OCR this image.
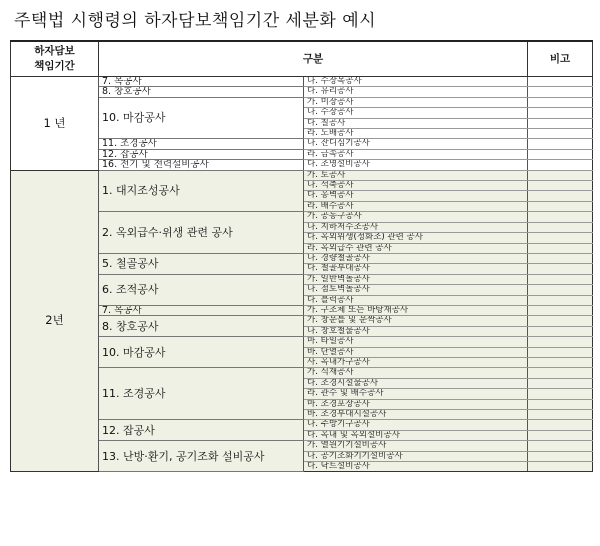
주택법 시행령의 하자담보책임기간 세분화 예시
하자담보
책임기간	구분		비고
1 년	7. 목공사	나. 수장목공사	
	8. 창호공사	다. 유리공사	
	10. 마감공사	가. 미장공사	
		나. 수장공사	
		다. 칠공사	
		라. 도배공사	
	11. 조경공사	나. 잔디심기공사	
	12. 잡공사	라. 금속공사	
	16. 전기 및 전력설비공사	다. 조명설비공사	
2년	1. 대지조성공사	가. 토공사	
		나. 석축공사	
		다. 옹벽공사	
		라. 배수공사	
	2. 옥외급수·위생 관련 공사	가. 공동구공사	
		나. 지하저수조공사	
		다. 옥외위생(정화조) 관련 공사	
		라. 옥외급수 관련 공사	
	5. 철골공사	나. 경량철골공사	
		다. 철골부대공사	
	6. 조적공사	가. 일반벽돌공사	
		나. 점토벽돌공사	
		다. 블럭공사	
	7. 목공사	가. 구조체 또는 바탕재공사	
	8. 창호공사	가. 창문틀 및 문짝공사	
		나. 창호철물공사	
	10. 마감공사	마. 타일공사	
		바. 단열공사	
		사. 옥내가구공사	
	11. 조경공사	가. 식재공사	
		다. 조경시설물공사	
		라. 관수 및 배수공사	
		마. 조경포장공사	
		바. 조경부대시설공사	
	12. 잡공사	나. 주방기구공사	
		다. 옥내 및 옥외설비공사	
	13. 난방·환기, 공기조화 설비공사	가. 열원기기설비공사	
		나. 공기조화기기설비공사	
		다. 닥트설비공사	
